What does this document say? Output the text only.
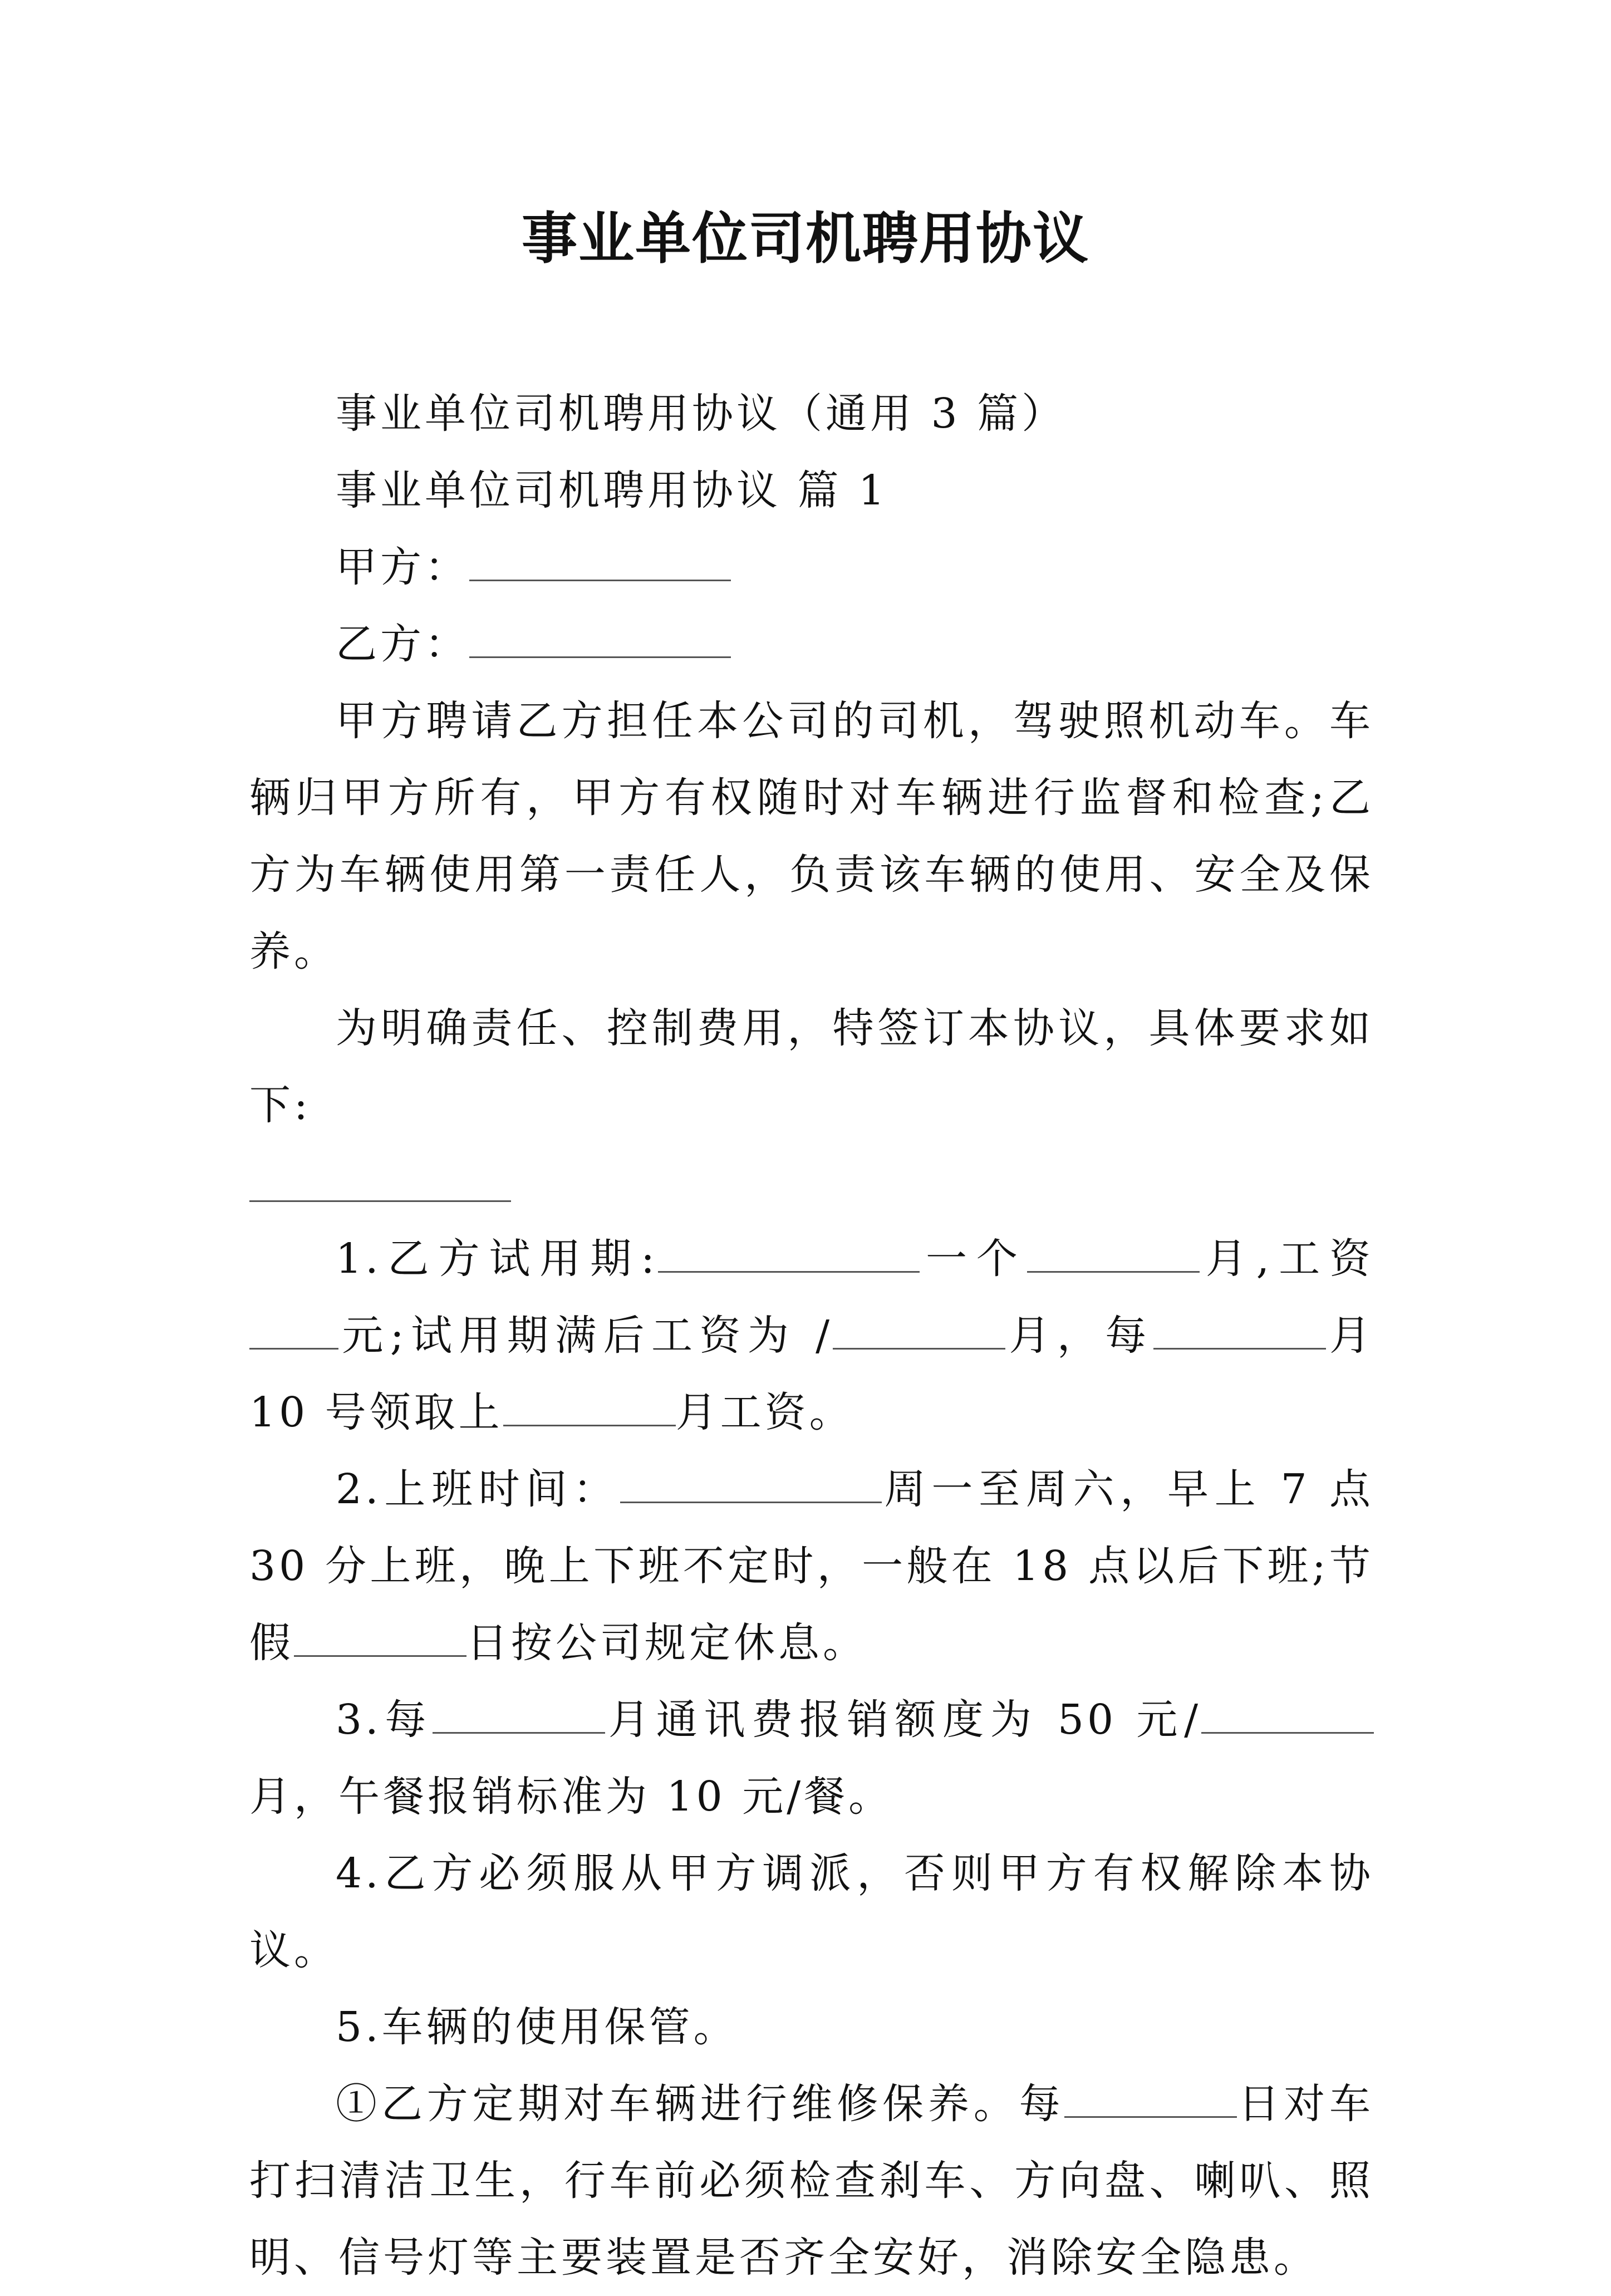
事业单位司机聘用协议

事业单位司机聘用协议（通用 3 篇）

事业单位司机聘用协议 篇 1

甲方：

乙方：

甲方聘请乙方担任本公司的司机，驾驶照机动车。车辆归甲方所有，甲方有权随时对车辆进行监督和检查;乙方为车辆使用第一责任人，负责该车辆的使用、安全及保养。

为明确责任、控制费用，特签订本协议，具体要求如下:

1.乙方试用期:	一个	月,工资元;试用期满后工资为 /	月，每	月 10 号领取上	月工资。

2.上班时间：	周一至周六，早上 7 点 30 分上班，晚上下班不定时，一般在 18 点以后下班;节假	日按公司规定休息。

3.每	月通讯费报销额度为 50 元/月，午餐报销标准为 10 元/餐。

4.乙方必须服从甲方调派，否则甲方有权解除本协议。

5.车辆的使用保管。

①乙方定期对车辆进行维修保养。每	日对车打扫清洁卫生，行车前必须检查刹车、方向盘、喇叭、照明、信号灯等主要装置是否齐全安好，消除安全隐患。
